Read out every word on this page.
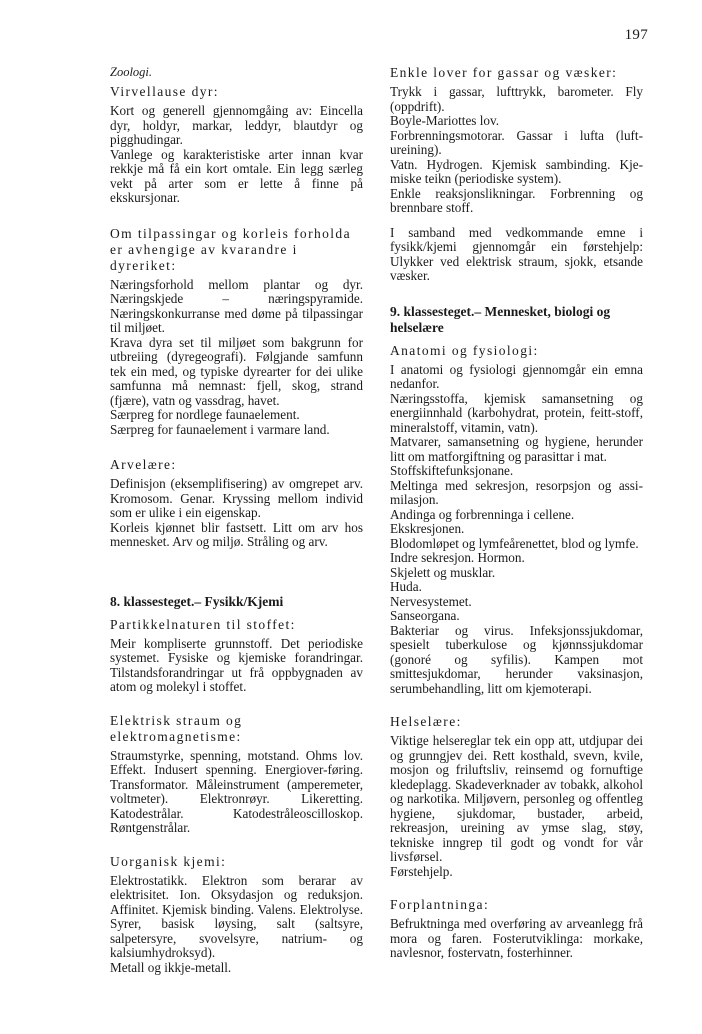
197
Zoologi.
Virvellause dyr:

Kort og generell gjennomgåing av: Eincella dyr, holdyr, markar, leddyr, blautdyr og pigghudingar.

Vanlege og karakteristiske arter innan kvar rekkje må få ein kort omtale. Ein legg særleg vekt på arter som er lette å finne på ekskursjonar.

Om tilpassingar og korleis forholda er avhengige av kvarandre i dyreriket:

Næringsforhold mellom plantar og dyr. Næringskjede – næringspyramide. Næringskonkurranse med døme på tilpassingar til miljøet.

Krava dyra set til miljøet som bakgrunn for utbreiing (dyregeografi). Følgjande samfunn tek ein med, og typiske dyrearter for dei ulike samfunna må nemnast: fjell, skog, strand (fjære), vatn og vassdrag, havet.

Særpreg for nordlege faunaelement.

Særpreg for faunaelement i varmare land.

Arvelære:

Definisjon (eksemplifisering) av omgrepet arv. Kromosom. Genar. Kryssing mellom individ som er ulike i ein eigenskap.

Korleis kjønnet blir fastsett. Litt om arv hos mennesket. Arv og miljø. Stråling og arv.

8. klassesteget.– Fysikk/Kjemi
Partikkelnaturen til stoffet:

Meir kompliserte grunnstoff. Det periodiske systemet. Fysiske og kjemiske forandringar. Tilstandsforandringar ut frå oppbygnaden av atom og molekyl i stoffet.

Elektrisk straum og elektromagnetisme:

Straumstyrke, spenning, motstand. Ohms lov. Effekt. Indusert spenning. Energiover-føring. Transformator. Måleinstrument (amperemeter, voltmeter). Elektronrøyr. Likeretting. Katodestrålar. Katodestråleoscilloskop. Røntgenstrålar.

Uorganisk kjemi:

Elektrostatikk. Elektron som berarar av elektrisitet. Ion. Oksydasjon og reduksjon. Affinitet. Kjemisk binding. Valens. Elektrolyse. Syrer, basisk løysing, salt (saltsyre, salpetersyre, svovelsyre, natrium- og kalsiumhydroksyd).

Metall og ikkje-metall.

Enkle lover for gassar og væsker:

Trykk i gassar, lufttrykk, barometer. Fly (oppdrift).

Boyle-Mariottes lov.

Forbrenningsmotorar. Gassar i lufta (luft-ureining).

Vatn. Hydrogen. Kjemisk sambinding. Kje-miske teikn (periodiske system).

Enkle reaksjonslikningar. Forbrenning og brennbare stoff.

I samband med vedkommande emne i fysikk/kjemi gjennomgår ein førstehjelp: Ulykker ved elektrisk straum, sjokk, etsande væsker.

9. klassesteget.– Mennesket, biologi og helselære
Anatomi og fysiologi:

I anatomi og fysiologi gjennomgår ein emna nedanfor.

Næringsstoffa, kjemisk samansetning og energiinnhald (karbohydrat, protein, feitt-stoff, mineralstoff, vitamin, vatn).

Matvarer, samansetning og hygiene, herunder litt om matforgiftning og parasittar i mat.

Stoffskiftefunksjonane.

Meltinga med sekresjon, resorpsjon og assi-milasjon.

Andinga og forbrenninga i cellene.

Ekskresjonen.

Blodomløpet og lymfeårenettet, blod og lymfe.

Indre sekresjon. Hormon.

Skjelett og musklar.

Huda.

Nervesystemet.

Sanseorgana.

Bakteriar og virus. Infeksjonssjukdomar, spesielt tuberkulose og kjønnssjukdomar (gonoré og syfilis). Kampen mot smittesjukdomar, herunder vaksinasjon, serumbehandling, litt om kjemoterapi.

Helselære:

Viktige helsereglar tek ein opp att, utdjupar dei og grunngjev dei. Rett kosthald, svevn, kvile, mosjon og friluftsliv, reinsemd og fornuftige kledeplagg. Skadeverknader av tobakk, alkohol og narkotika. Miljøvern, personleg og offentleg hygiene, sjukdomar, bustader, arbeid, rekreasjon, ureining av ymse slag, støy, tekniske inngrep til godt og vondt for vår livsførsel.

Førstehjelp.

Forplantninga:

Befruktninga med overføring av arveanlegg frå mora og faren. Fosterutviklinga: morkake, navlesnor, fostervatn, fosterhinner.
